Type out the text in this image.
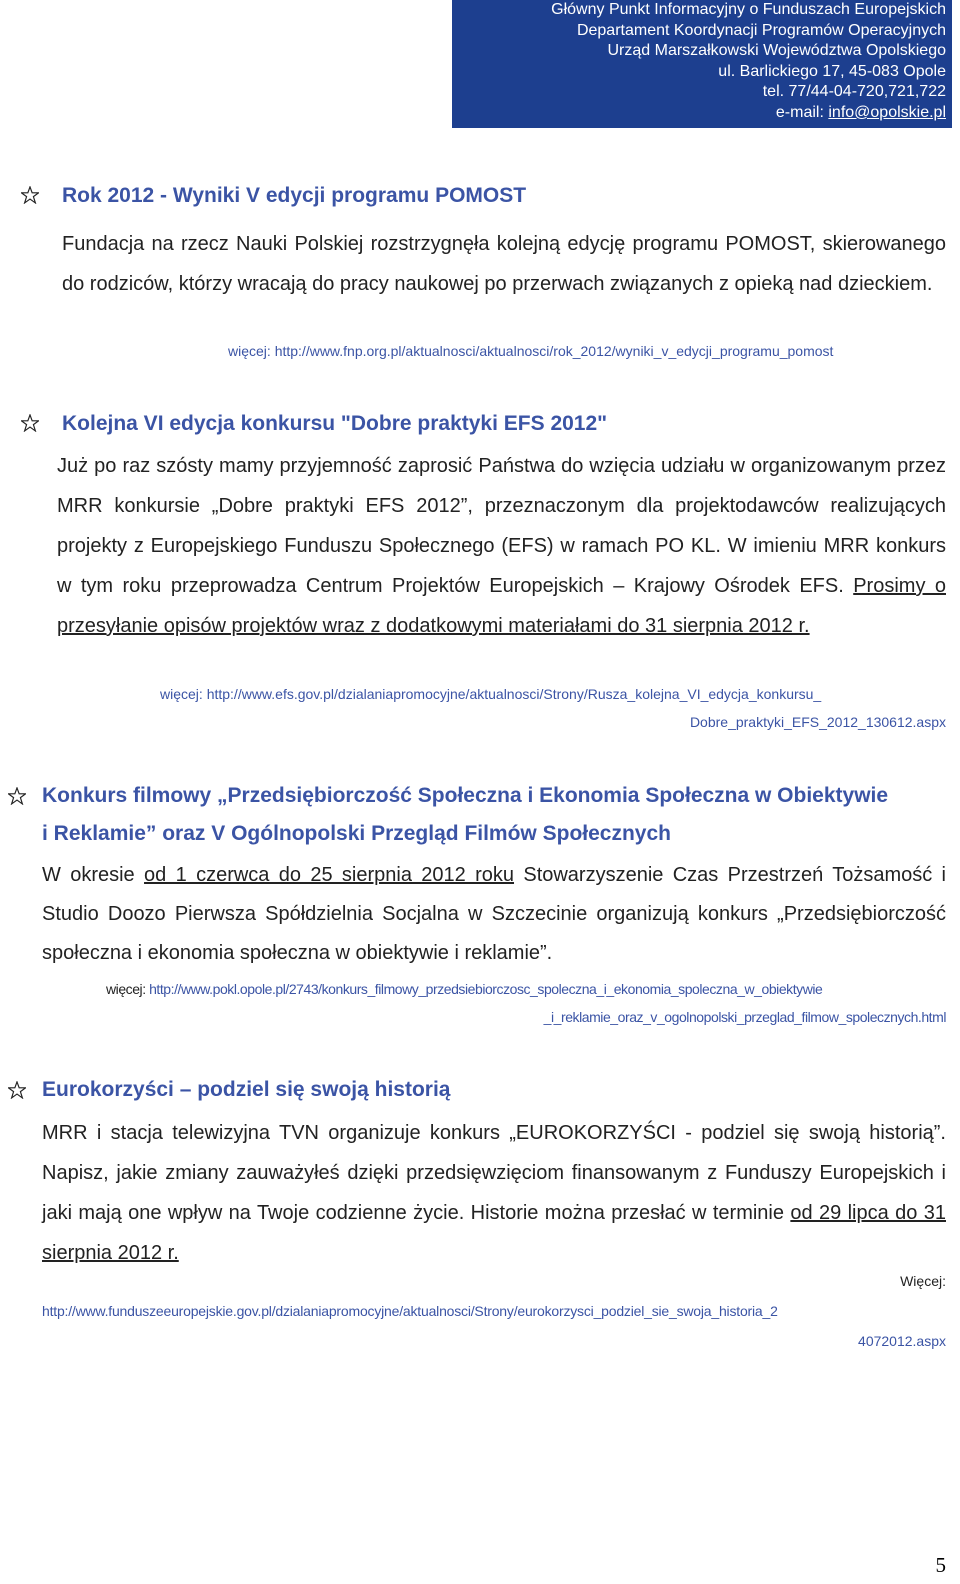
Główny Punkt Informacyjny o Funduszach Europejskich
Departament Koordynacji Programów Operacyjnych
Urząd Marszałkowski Województwa Opolskiego
ul. Barlickiego 17, 45-083 Opole
tel. 77/44-04-720,721,722
e-mail: info@opolskie.pl
Rok 2012 - Wyniki V edycji programu POMOST
Fundacja na rzecz Nauki Polskiej rozstrzygnęła kolejną edycję programu POMOST, skierowanego do rodziców, którzy wracają do pracy naukowej po przerwach związanych z opieką nad dzieckiem.
więcej: http://www.fnp.org.pl/aktualnosci/aktualnosci/rok_2012/wyniki_v_edycji_programu_pomost
Kolejna VI edycja konkursu "Dobre praktyki EFS 2012"
Już po raz szósty mamy przyjemność zaprosić Państwa do wzięcia udziału w organizowanym przez MRR konkursie „Dobre praktyki EFS 2012”, przeznaczonym dla projektodawców realizujących projekty z Europejskiego Funduszu Społecznego (EFS) w ramach PO KL. W imieniu MRR konkurs w tym roku przeprowadza Centrum Projektów Europejskich – Krajowy Ośrodek EFS. Prosimy o przesyłanie opisów projektów wraz z dodatkowymi materiałami do 31 sierpnia 2012 r.
więcej: http://www.efs.gov.pl/dzialaniapromocyjne/aktualnosci/Strony/Rusza_kolejna_VI_edycja_konkursu_
Dobre_praktyki_EFS_2012_130612.aspx
Konkurs filmowy „Przedsiębiorczość Społeczna i Ekonomia Społeczna w Obiektywie
i Reklamie” oraz V Ogólnopolski Przegląd Filmów Społecznych
W okresie od 1 czerwca do 25 sierpnia 2012 roku Stowarzyszenie Czas Przestrzeń Tożsamość i Studio Doozo Pierwsza Spółdzielnia Socjalna w Szczecinie organizują konkurs „Przedsiębiorczość społeczna i ekonomia społeczna w obiektywie i reklamie”.
więcej: http://www.pokl.opole.pl/2743/konkurs_filmowy_przedsiebiorczosc_spoleczna_i_ekonomia_spoleczna_w_obiektywie
_i_reklamie_oraz_v_ogolnopolski_przeglad_filmow_spolecznych.html
Eurokorzyści – podziel się swoją historią
MRR i stacja telewizyjna TVN organizuje konkurs „EUROKORZYŚCI - podziel się swoją historią”. Napisz, jakie zmiany zauważyłeś dzięki przedsięwzięciom finansowanym z Funduszy Europejskich i jaki mają one wpływ na Twoje codzienne życie. Historie można przesłać w terminie od 29 lipca do 31 sierpnia 2012 r.
Więcej:
http://www.funduszeeuropejskie.gov.pl/dzialaniapromocyjne/aktualnosci/Strony/eurokorzysci_podziel_sie_swoja_historia_2
4072012.aspx
5
